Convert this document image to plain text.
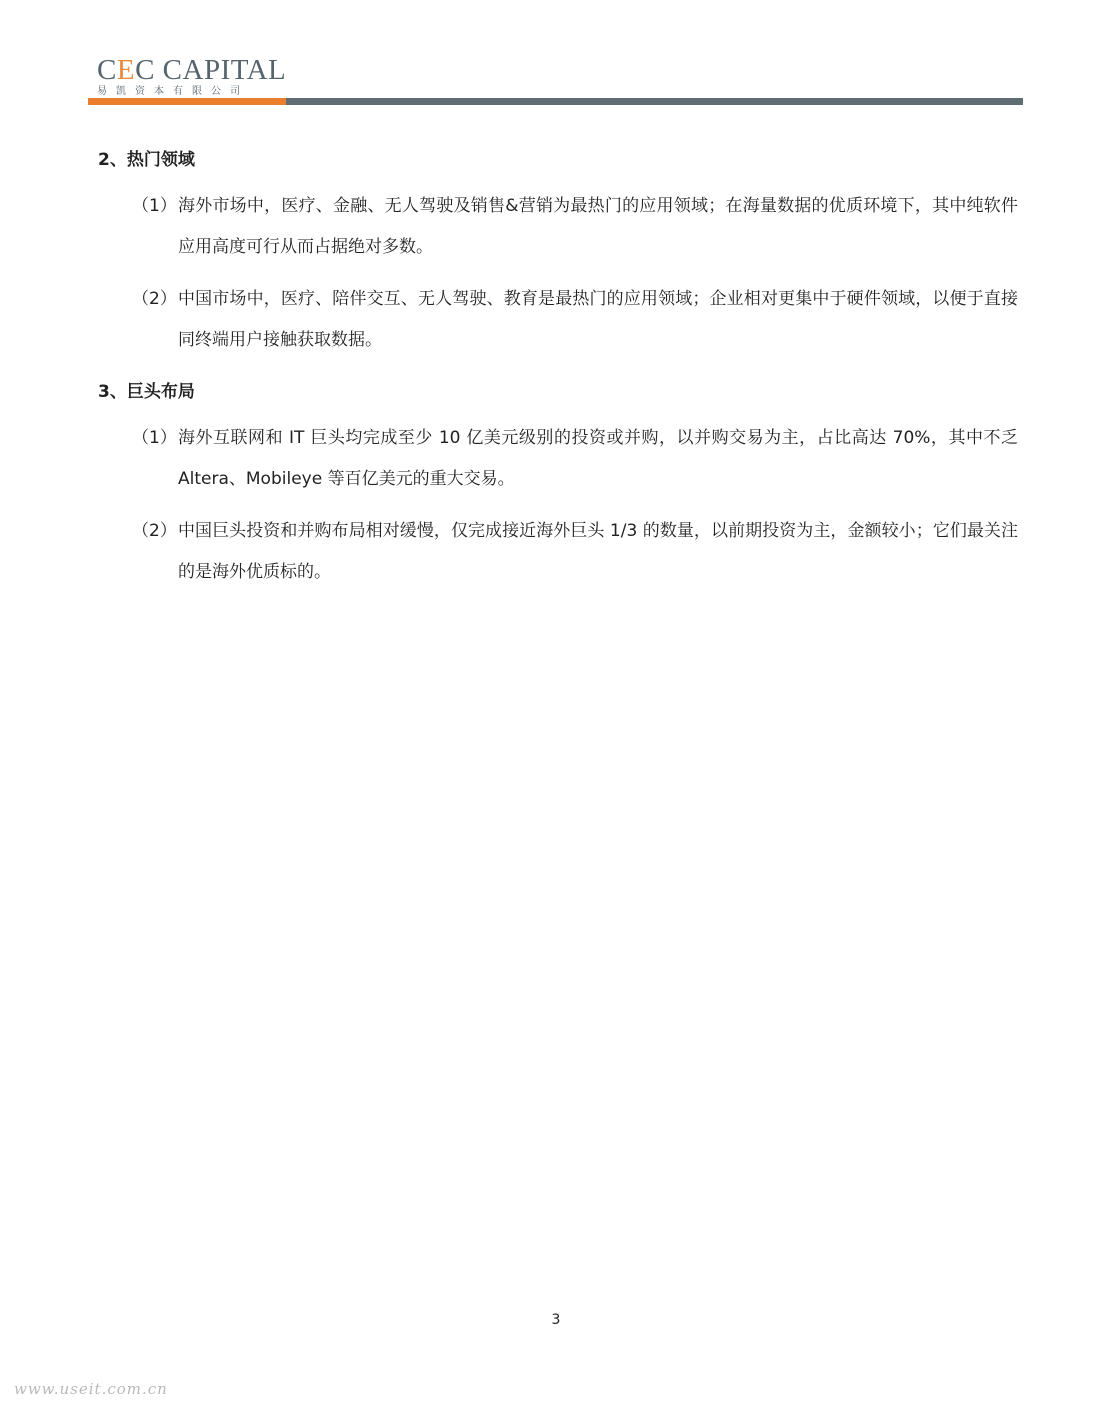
CEC CAPITAL
易凯资本有限公司

2、热门领域

（1） 海外市场中，医疗、金融、无人驾驶及销售&营销为最热门的应用领域；在海量数据的优质环境下，其中纯软件应用高度可行从而占据绝对多数。
（2） 中国市场中，医疗、陪伴交互、无人驾驶、教育是最热门的应用领域；企业相对更集中于硬件领域，以便于直接同终端用户接触获取数据。

3、巨头布局

（1） 海外互联网和 IT 巨头均完成至少 10 亿美元级别的投资或并购，以并购交易为主，占比高达 70%，其中不乏 Altera、Mobileye 等百亿美元的重大交易。
（2） 中国巨头投资和并购布局相对缓慢，仅完成接近海外巨头 1/3 的数量，以前期投资为主，金额较小；它们最关注的是海外优质标的。
3
www.useit.com.cn
